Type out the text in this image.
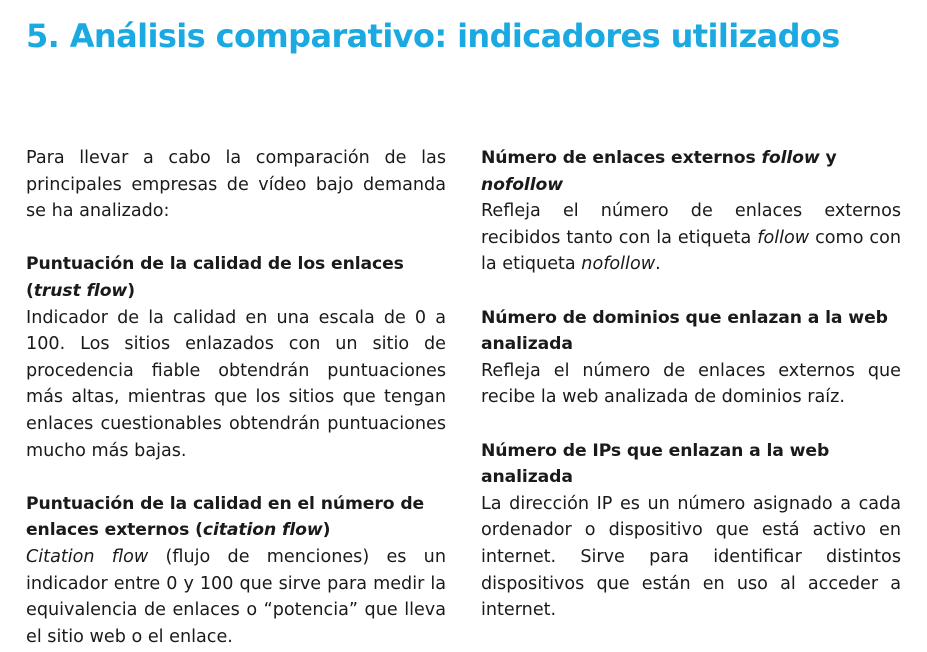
5. Análisis comparativo: indicadores utilizados

Para llevar a cabo la comparación de las principales empresas de vídeo bajo demanda se ha analizado:

Puntuación de la calidad de los enlaces (trust flow)

Indicador de la calidad en una escala de 0 a 100. Los sitios enlazados con un sitio de procedencia fiable obtendrán puntuaciones más altas, mientras que los sitios que tengan enlaces cuestionables obtendrán puntuaciones mucho más bajas.

Puntuación de la calidad en el número de enlaces externos (citation flow)

Citation flow (flujo de menciones) es un indicador entre 0 y 100 que sirve para medir la equivalencia de enlaces o “potencia” que lleva el sitio web o el enlace.

Número de enlaces externos follow y nofollow

Refleja el número de enlaces externos recibidos tanto con la etiqueta follow como con la etiqueta nofollow.

Número de dominios que enlazan a la web analizada

Refleja el número de enlaces externos que recibe la web analizada de dominios raíz.

Número de IPs que enlazan a la web analizada

La dirección IP es un número asignado a cada ordenador o dispositivo que está activo en internet. Sirve para identificar distintos dispositivos que están en uso al acceder a internet.
